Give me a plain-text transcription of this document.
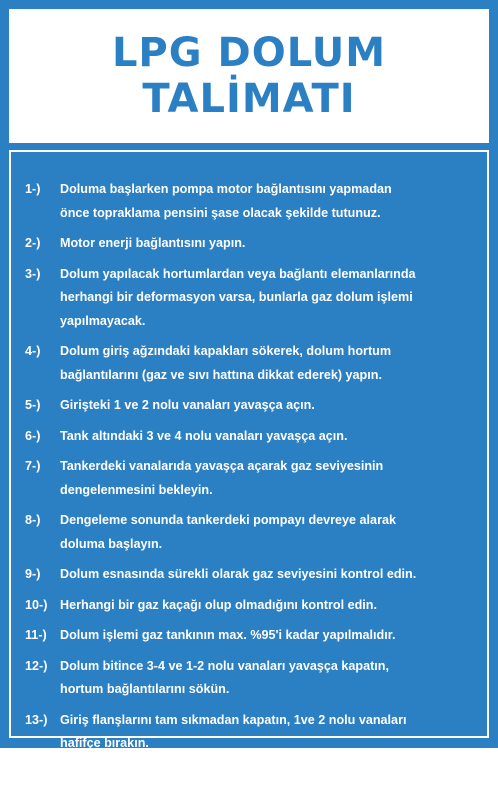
LPG DOLUM
TALİMATI
1-)	Doluma başlarken pompa motor bağlantısını yapmadan
önce topraklama pensini şase olacak şekilde tutunuz.
2-)	Motor enerji bağlantısını yapın.
3-)	Dolum yapılacak hortumlardan veya bağlantı elemanlarında
herhangi bir deformasyon varsa, bunlarla gaz dolum işlemi
yapılmayacak.
4-)	Dolum giriş ağzındaki kapakları sökerek, dolum hortum
bağlantılarını (gaz ve sıvı hattına dikkat ederek) yapın.
5-)	Girişteki 1 ve 2 nolu vanaları yavaşça açın.
6-)	Tank altındaki 3 ve 4 nolu vanaları yavaşça açın.
7-)	Tankerdeki vanalarıda yavaşça açarak gaz seviyesinin
dengelenmesini bekleyin.
8-)	Dengeleme sonunda tankerdeki pompayı devreye alarak
doluma başlayın.
9-)	Dolum esnasında sürekli olarak gaz seviyesini kontrol edin.
10-) Herhangi bir gaz kaçağı olup olmadığını kontrol edin.
11-)	Dolum işlemi gaz tankının max. %95'i kadar yapılmalıdır.
12-) Dolum bitince 3-4 ve 1-2 nolu vanaları yavaşça kapatın,
hortum bağlantılarını sökün.
13-) Giriş flanşlarını tam sıkmadan kapatın, 1ve 2 nolu vanaları
hafifçe bırakın.
14-) Dolum süresi boyunca çevrede ateş veya kıvımcım şeklinde
tehlike yaratabilecek tüm unsurları kontrol edin.
